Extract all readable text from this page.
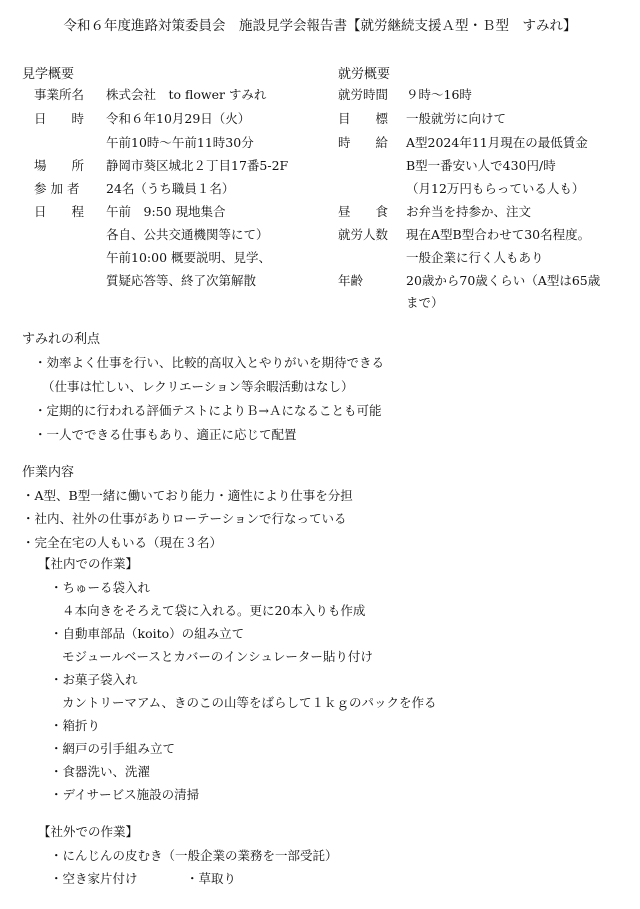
令和６年度進路対策委員会　施設見学会報告書【就労継続支援Ａ型・Ｂ型　すみれ】
見学概要
事業所名 株式会社　to flower すみれ
日　　時 令和６年10月29日（火）
午前10時～午前11時30分
場　　所 静岡市葵区城北２丁目17番5-2F
参 加 者 24名（うち職員１名）
日　　程 午前　9:50 現地集合
各自、公共交通機関等にて）
午前10:00 概要説明、見学、
質疑応答等、終了次第解散
就労概要
就労時間 ９時～16時
目　　標 一般就労に向けて
時　　給 A型2024年11月現在の最低賃金
B型一番安い人で430円/時
（月12万円もらっている人も）
昼　　食 お弁当を持参か、注文
就労人数 現在A型B型合わせて30名程度。
一般企業に行く人もあり
年齢	20歳から70歳くらい（A型は65歳
まで）
すみれの利点
・効率よく仕事を行い、比較的高収入とやりがいを期待できる
（仕事は忙しい、レクリエーション等余暇活動はなし）
・定期的に行われる評価テストによりＢ→Ａになることも可能
・一人でできる仕事もあり、適正に応じて配置
作業内容
・A型、B型一緒に働いており能力・適性により仕事を分担
・社内、社外の仕事がありローテーションで行なっている
・完全在宅の人もいる（現在３名）
【社内での作業】
・ちゅーる袋入れ
４本向きをそろえて袋に入れる。更に20本入りも作成
・自動車部品（koito）の組み立て
モジュールベースとカバーのインシュレーター貼り付け
・お菓子袋入れ
カントリーマアム、きのこの山等をばらして１ｋｇのパックを作る
・箱折り
・網戸の引手組み立て
・食器洗い、洗濯
・デイサービス施設の清掃
【社外での作業】
・にんじんの皮むき（一般企業の業務を一部受託）
・空き家片付け	・草取り
